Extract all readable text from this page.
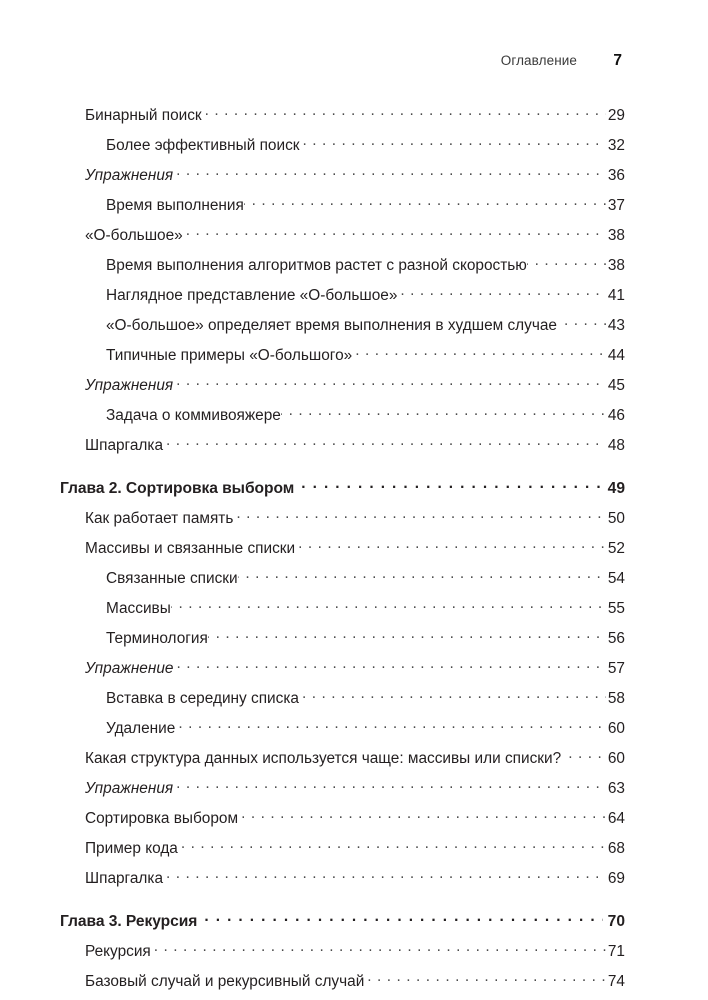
Оглавление	7
Бинарный поиск . . .	29
Более эффективный поиск . . .	32
Упражнения . . .	36
Время выполнения . . .	37
«О-большое» . . .	38
Время выполнения алгоритмов растет с разной скоростью . . .	38
Наглядное представление «О-большое» . . .	41
«О-большое» определяет время выполнения в худшем случае . . .	43
Типичные примеры «О-большого» . . .	44
Упражнения . . .	45
Задача о коммивояжере . . .	46
Шпаргалка . . .	48
Глава 2. Сортировка выбором . . .	49
Как работает память . . .	50
Массивы и связанные списки . . .	52
Связанные списки . . .	54
Массивы . . .	55
Терминология . . .	56
Упражнение . . .	57
Вставка в середину списка . . .	58
Удаление . . .	60
Какая структура данных используется чаще: массивы или списки? . . .	60
Упражнения . . .	63
Сортировка выбором . . .	64
Пример кода . . .	68
Шпаргалка . . .	69
Глава 3. Рекурсия . . .	70
Рекурсия . . .	71
Базовый случай и рекурсивный случай . . .	74
